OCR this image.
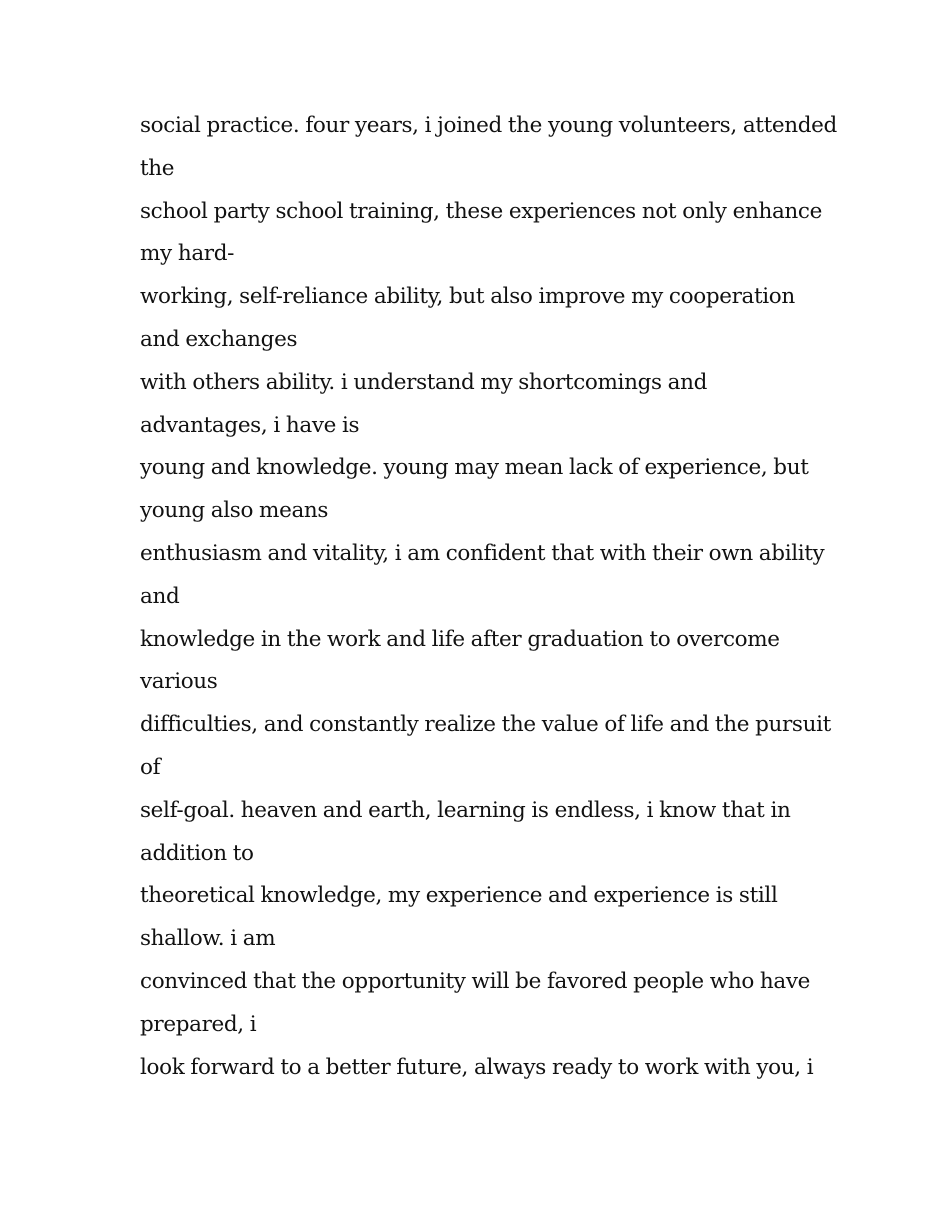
social practice. four years, i joined the young volunteers, attended
the
school party school training, these experiences not only enhance
my hard-
working, self-reliance ability, but also improve my cooperation
and exchanges
with others ability. i understand my shortcomings and
advantages, i have is
young and knowledge. young may mean lack of experience, but
young also means
enthusiasm and vitality, i am confident that with their own ability
and
knowledge in the work and life after graduation to overcome
various
difficulties, and constantly realize the value of life and the pursuit
of
self-goal. heaven and earth, learning is endless, i know that in
addition to
theoretical knowledge, my experience and experience is still
shallow. i am
convinced that the opportunity will be favored people who have
prepared, i
look forward to a better future, always ready to work with you, i
